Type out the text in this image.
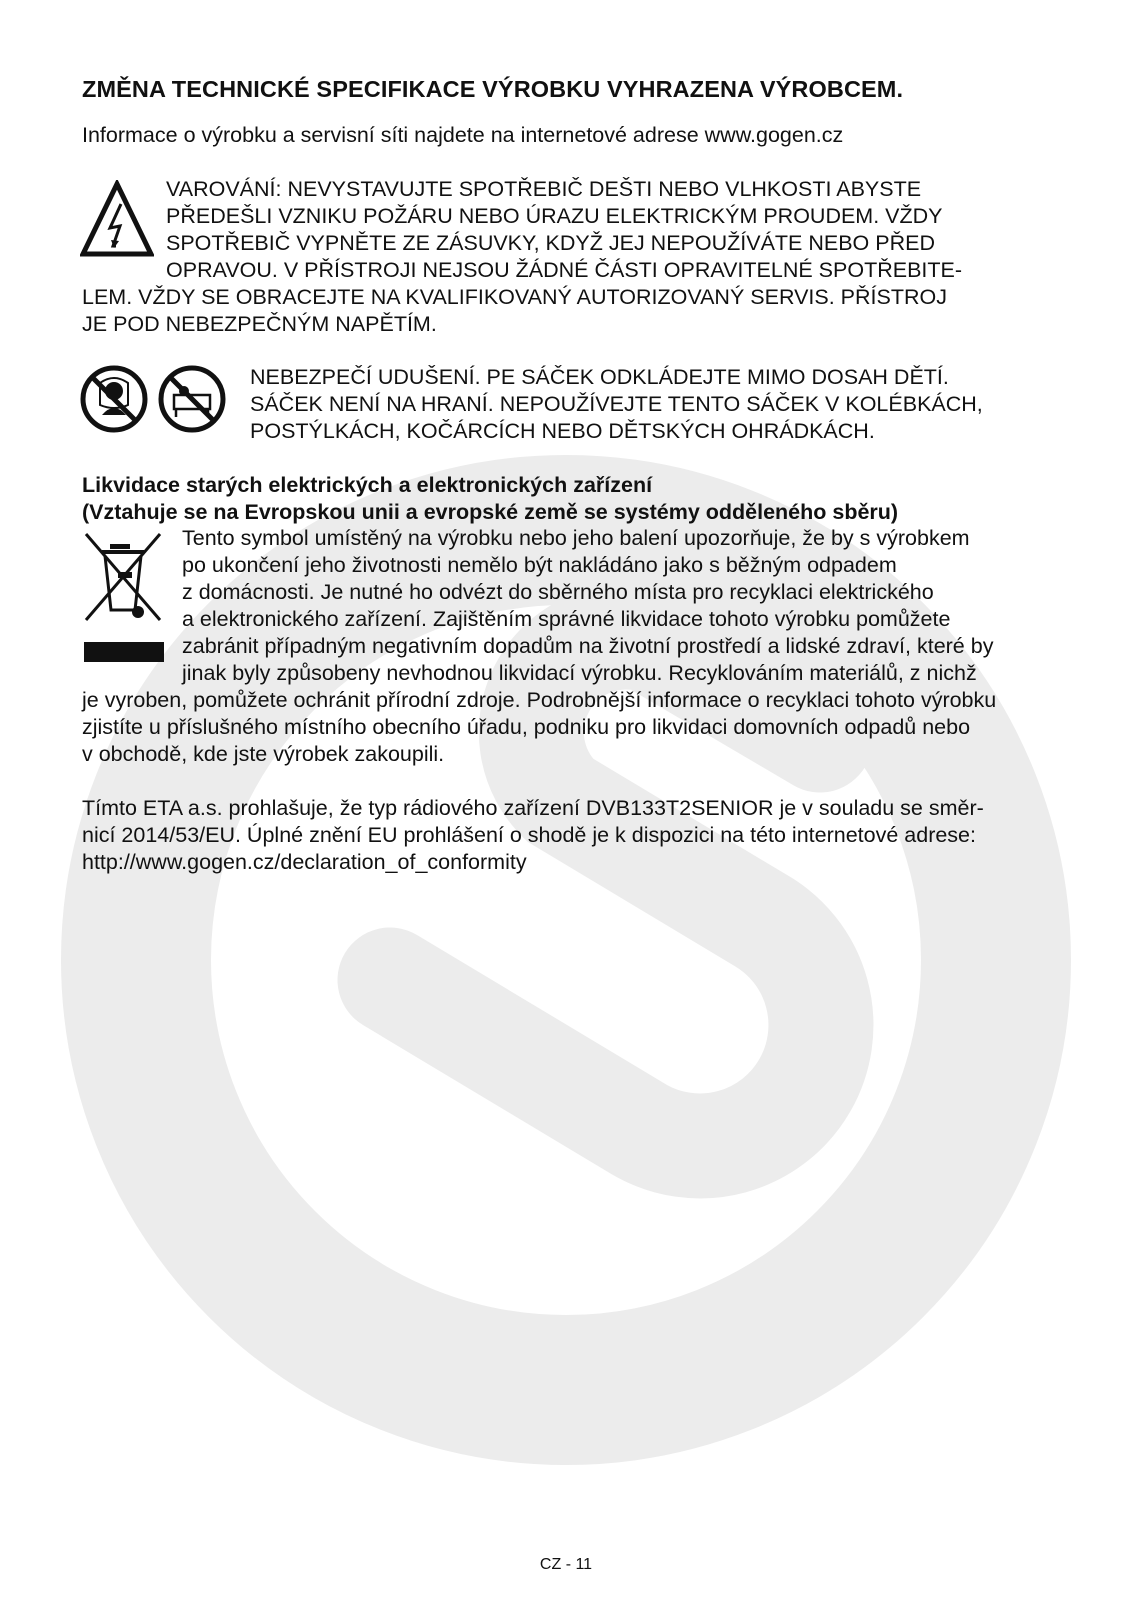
ZMĚNA TECHNICKÉ SPECIFIKACE VÝROBKU VYHRAZENA VÝROBCEM.
Informace o výrobku a servisní síti najdete na internetové adrese www.gogen.cz
VAROVÁNÍ: NEVYSTAVUJTE SPOTŘEBIČ DEŠTI NEBO VLHKOSTI ABYSTE
PŘEDEŠLI VZNIKU POŽÁRU NEBO ÚRAZU ELEKTRICKÝM PROUDEM. VŽDY
SPOTŘEBIČ VYPNĚTE ZE ZÁSUVKY, KDYŽ JEJ NEPOUŽÍVÁTE NEBO PŘED
OPRAVOU. V PŘÍSTROJI NEJSOU ŽÁDNÉ ČÁSTI OPRAVITELNÉ SPOTŘEBITE-
LEM. VŽDY SE OBRACEJTE NA KVALIFIKOVANÝ AUTORIZOVANÝ SERVIS. PŘÍSTROJ
JE POD NEBEZPEČNÝM NAPĚTÍM.
NEBEZPEČÍ UDUŠENÍ. PE SÁČEK ODKLÁDEJTE MIMO DOSAH DĚTÍ.
SÁČEK NENÍ NA HRANÍ. NEPOUŽÍVEJTE TENTO SÁČEK V KOLÉBKÁCH,
POSTÝLKÁCH, KOČÁRCÍCH NEBO DĚTSKÝCH OHRÁDKÁCH.
Likvidace starých elektrických a elektronických zařízení
(Vztahuje se na Evropskou unii a evropské země se systémy odděleného sběru)
Tento symbol umístěný na výrobku nebo jeho balení upozorňuje, že by s výrobkem
po ukončení jeho životnosti nemělo být nakládáno jako s běžným odpadem
z domácnosti. Je nutné ho odvézt do sběrného místa pro recyklaci elektrického
a elektronického zařízení. Zajištěním správné likvidace tohoto výrobku pomůžete
zabránit případným negativním dopadům na životní prostředí a lidské zdraví, které by
jinak byly způsobeny nevhodnou likvidací výrobku. Recyklováním materiálů, z nichž
je vyroben, pomůžete ochránit přírodní zdroje. Podrobnější informace o recyklaci tohoto výrobku
zjistíte u příslušného místního obecního úřadu, podniku pro likvidaci domovních odpadů nebo
v obchodě, kde jste výrobek zakoupili.
Tímto ETA a.s. prohlašuje, že typ rádiového zařízení DVB133T2SENIOR je v souladu se směr-
nicí 2014/53/EU. Úplné znění EU prohlášení o shodě je k dispozici na této internetové adrese:
http://www.gogen.cz/declaration_of_conformity
CZ - 11
